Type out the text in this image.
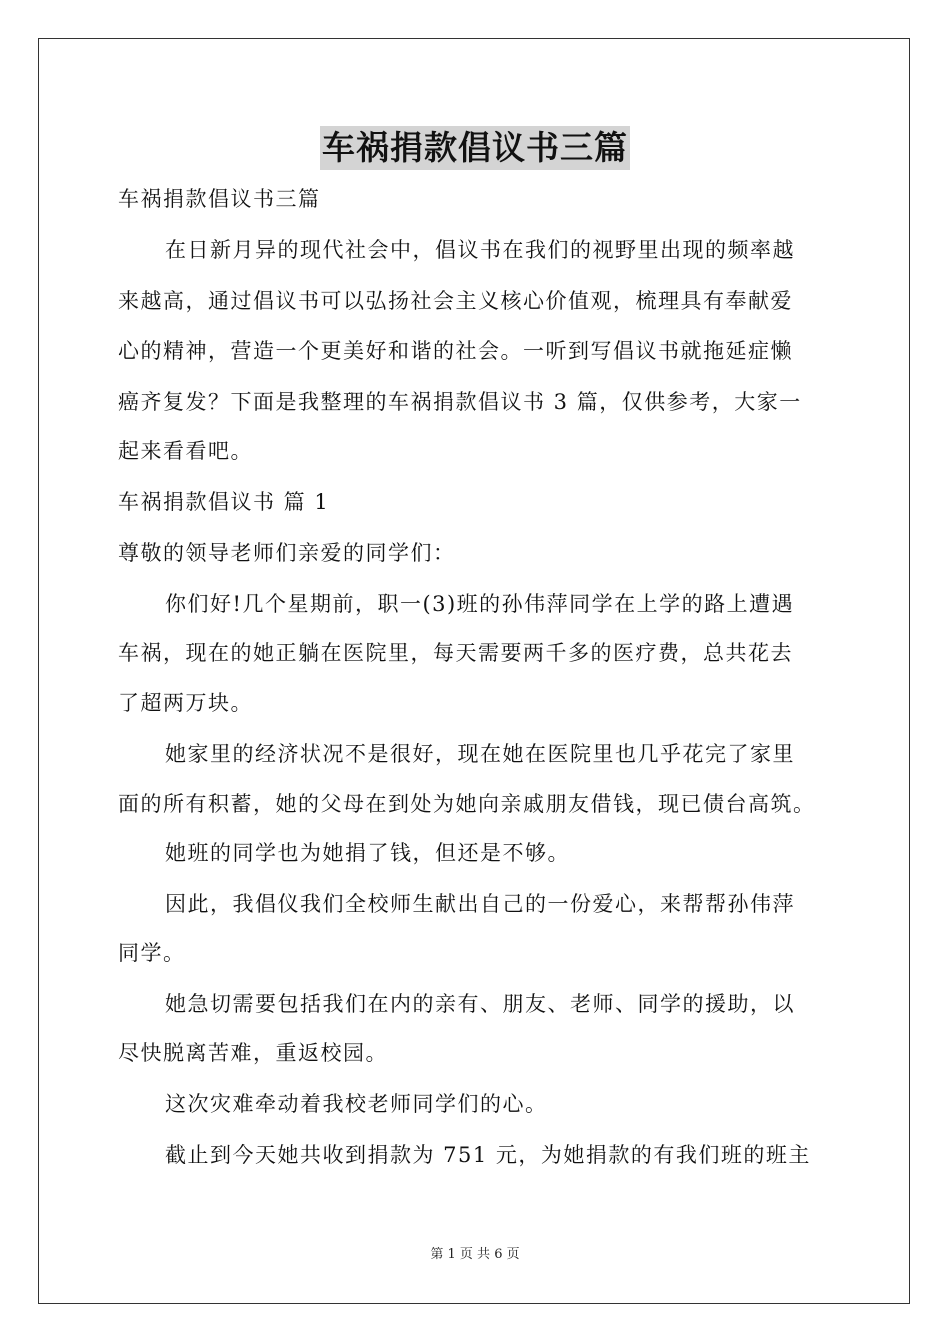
车祸捐款倡议书三篇
车祸捐款倡议书三篇
在日新月异的现代社会中，倡议书在我们的视野里出现的频率越
来越高，通过倡议书可以弘扬社会主义核心价值观，梳理具有奉献爱
心的精神，营造一个更美好和谐的社会。一听到写倡议书就拖延症懒
癌齐复发？下面是我整理的车祸捐款倡议书 3 篇，仅供参考，大家一
起来看看吧。
车祸捐款倡议书 篇 1
尊敬的领导老师们亲爱的同学们：
你们好!几个星期前，职一(3)班的孙伟萍同学在上学的路上遭遇
车祸，现在的她正躺在医院里，每天需要两千多的医疗费，总共花去
了超两万块。
她家里的经济状况不是很好，现在她在医院里也几乎花完了家里
面的所有积蓄，她的父母在到处为她向亲戚朋友借钱，现已债台高筑。
她班的同学也为她捐了钱，但还是不够。
因此，我倡仪我们全校师生献出自己的一份爱心，来帮帮孙伟萍
同学。
她急切需要包括我们在内的亲有、朋友、老师、同学的援助，以
尽快脱离苦难，重返校园。
这次灾难牵动着我校老师同学们的心。
截止到今天她共收到捐款为 751 元，为她捐款的有我们班的班主
第 1 页 共 6 页
